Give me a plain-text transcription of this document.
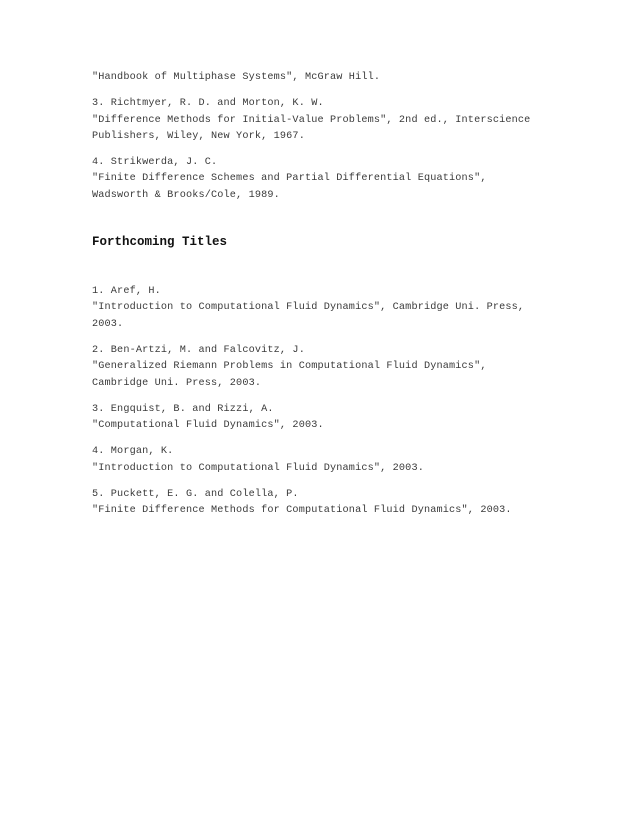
"Handbook of Multiphase Systems", McGraw Hill.
3. Richtmyer, R. D. and Morton, K. W.
"Difference Methods for Initial-Value Problems", 2nd ed., Interscience
Publishers, Wiley, New York, 1967.
4. Strikwerda, J. C.
"Finite Difference Schemes and Partial Differential Equations",
Wadsworth & Brooks/Cole, 1989.
Forthcoming Titles
1. Aref, H.
"Introduction to Computational Fluid Dynamics", Cambridge Uni. Press,
2003.
2. Ben-Artzi, M. and Falcovitz, J.
"Generalized Riemann Problems in Computational Fluid Dynamics",
Cambridge Uni. Press, 2003.
3. Engquist, B. and Rizzi, A.
"Computational Fluid Dynamics", 2003.
4. Morgan, K.
"Introduction to Computational Fluid Dynamics", 2003.
5. Puckett, E. G. and Colella, P.
"Finite Difference Methods for Computational Fluid Dynamics", 2003.
